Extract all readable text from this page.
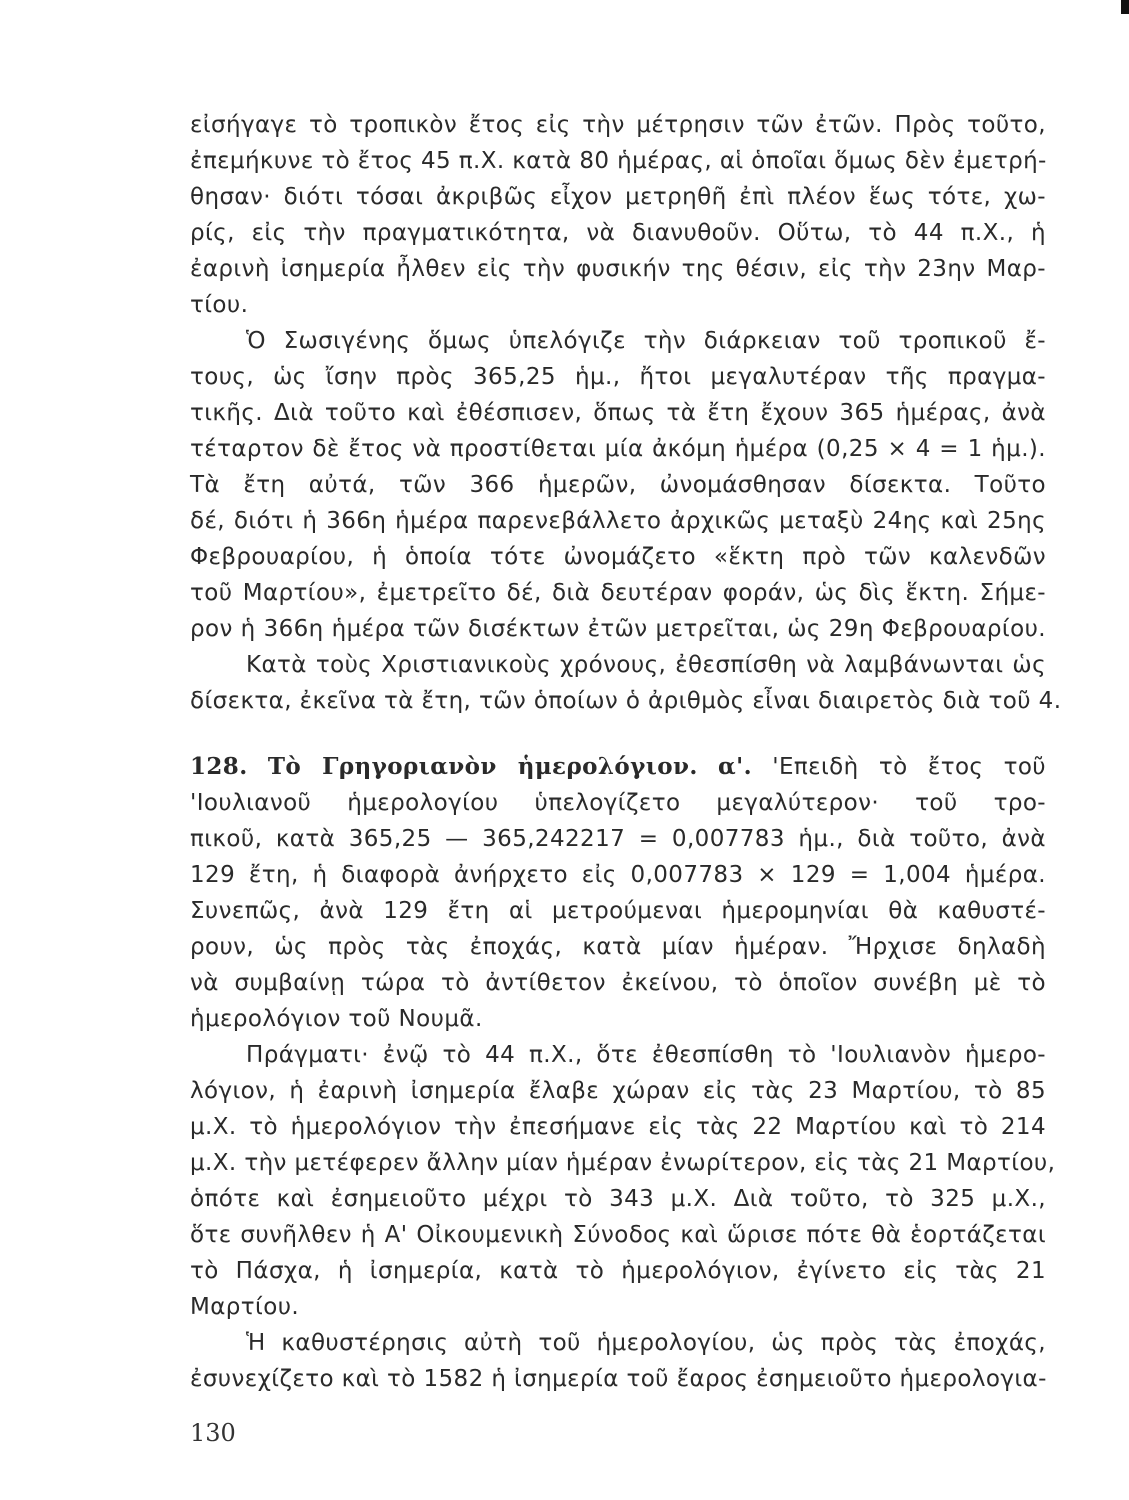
εἰσήγαγε τὸ τροπικὸν ἔτος εἰς τὴν μέτρησιν τῶν ἐτῶν. Πρὸς τοῦτο,
ἐπεμήκυνε τὸ ἔτος 45 π.Χ. κατὰ 80 ἡμέρας, αἱ ὁποῖαι ὅμως δὲν ἐμετρή-
θησαν· διότι τόσαι ἀκριβῶς εἶχον μετρηθῆ ἐπὶ πλέον ἕως τότε, χω-
ρίς, εἰς τὴν πραγματικότητα, νὰ διανυθοῦν. Οὕτω, τὸ 44 π.Χ., ἡ
ἐαρινὴ ἰσημερία ἦλθεν εἰς τὴν φυσικήν της θέσιν, εἰς τὴν 23ην Μαρ-
τίου.
Ὁ Σωσιγένης ὅμως ὑπελόγιζε τὴν διάρκειαν τοῦ τροπικοῦ ἔ-
τους, ὡς ἴσην πρὸς 365,25 ἡμ., ἤτοι μεγαλυτέραν τῆς πραγμα-
τικῆς. Διὰ τοῦτο καὶ ἐθέσπισεν, ὅπως τὰ ἔτη ἔχουν 365 ἡμέρας, ἀνὰ
τέταρτον δὲ ἔτος νὰ προστίθεται μία ἀκόμη ἡμέρα (0,25 × 4 = 1 ἡμ.).
Τὰ ἔτη αὐτά, τῶν 366 ἡμερῶν, ὠνομάσθησαν δίσεκτα. Τοῦτο
δέ, διότι ἡ 366η ἡμέρα παρενεβάλλετο ἀρχικῶς μεταξὺ 24ης καὶ 25ης
Φεβρουαρίου, ἡ ὁποία τότε ὠνομάζετο «ἕκτη πρὸ τῶν καλενδῶν
τοῦ Μαρτίου», ἐμετρεῖτο δέ, διὰ δευτέραν φοράν, ὡς δὶς ἕκτη. Σήμε-
ρον ἡ 366η ἡμέρα τῶν δισέκτων ἐτῶν μετρεῖται, ὡς 29η Φεβρουαρίου.
Κατὰ τοὺς Χριστιανικοὺς χρόνους, ἐθεσπίσθη νὰ λαμβάνωνται ὡς
δίσεκτα, ἐκεῖνα τὰ ἔτη, τῶν ὁποίων ὁ ἀριθμὸς εἶναι διαιρετὸς διὰ τοῦ 4.
128. Τὸ Γρηγοριανὸν ἡμερολόγιον. α'. 'Επειδὴ τὸ ἔτος τοῦ
'Ιουλιανοῦ ἡμερολογίου ὑπελογίζετο μεγαλύτερον· τοῦ τρο-
πικοῦ, κατὰ 365,25 — 365,242217 = 0,007783 ἡμ., διὰ τοῦτο, ἀνὰ
129 ἔτη, ἡ διαφορὰ ἀνήρχετο εἰς 0,007783 × 129 = 1,004 ἡμέρα.
Συνεπῶς, ἀνὰ 129 ἔτη αἱ μετρούμεναι ἡμερομηνίαι θὰ καθυστέ-
ρουν, ὡς πρὸς τὰς ἐποχάς, κατὰ μίαν ἡμέραν. Ἤρχισε δηλαδὴ
νὰ συμβαίνῃ τώρα τὸ ἀντίθετον ἐκείνου, τὸ ὁποῖον συνέβη μὲ τὸ
ἡμερολόγιον τοῦ Νουμᾶ.
Πράγματι· ἐνῷ τὸ 44 π.Χ., ὅτε ἐθεσπίσθη τὸ 'Ιουλιανὸν ἡμερο-
λόγιον, ἡ ἐαρινὴ ἰσημερία ἔλαβε χώραν εἰς τὰς 23 Μαρτίου, τὸ 85
μ.Χ. τὸ ἡμερολόγιον τὴν ἐπεσήμανε εἰς τὰς 22 Μαρτίου καὶ τὸ 214
μ.Χ. τὴν μετέφερεν ἄλλην μίαν ἡμέραν ἐνωρίτερον, εἰς τὰς 21 Μαρτίου,
ὁπότε καὶ ἐσημειοῦτο μέχρι τὸ 343 μ.Χ. Διὰ τοῦτο, τὸ 325 μ.Χ.,
ὅτε συνῆλθεν ἡ Α' Οἰκουμενικὴ Σύνοδος καὶ ὥρισε πότε θὰ ἑορτάζεται
τὸ Πάσχα, ἡ ἰσημερία, κατὰ τὸ ἡμερολόγιον, ἐγίνετο εἰς τὰς 21
Μαρτίου.
Ἡ καθυστέρησις αὐτὴ τοῦ ἡμερολογίου, ὡς πρὸς τὰς ἐποχάς,
ἐσυνεχίζετο καὶ τὸ 1582 ἡ ἰσημερία τοῦ ἔαρος ἐσημειοῦτο ἡμερολογια-
130
